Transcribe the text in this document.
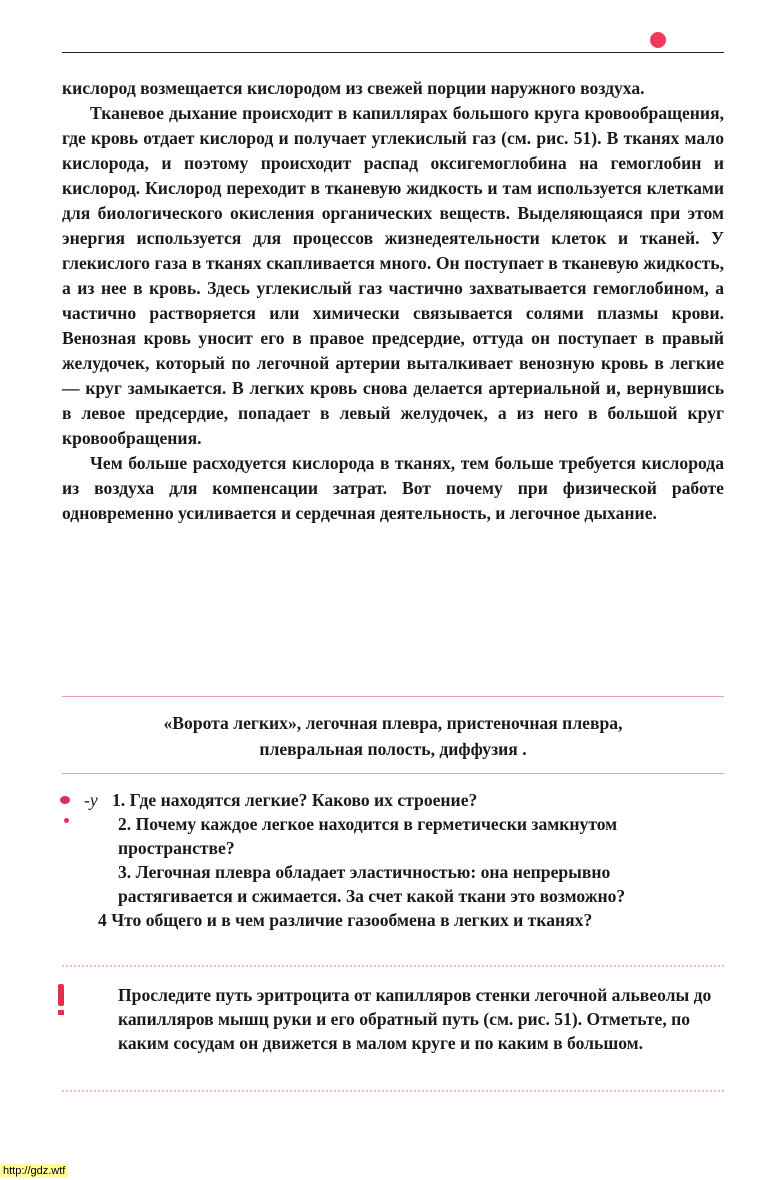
кислород возмещается кислородом из свежей порции наружного воздуха.

Тканевое дыхание происходит в капиллярах большого круга кровообращения, где кровь отдает кислород и получает углекислый газ (см. рис. 51). В тканях мало кислорода, и поэтому происходит распад оксигемоглобина на гемоглобин и кислород. Кислород переходит в тканевую жидкость и там используется клетками для биологического окисления органических веществ. Выделяющаяся при этом энергия используется для процессов жизнедеятельности клеток и тканей. У глекислого газа в тканях скапливается много. Он поступает в тканевую жидкость, а из нее в кровь. Здесь углекислый газ частично захватывается гемоглобином, а частично растворяется или химически связывается солями плазмы крови. Венозная кровь уносит его в правое предсердие, оттуда он поступает в правый желудочек, который по легочной артерии выталкивает венозную кровь в легкие — круг замыкается. В легких кровь снова делается артериальной и, вернувшись в левое предсердие, попадает в левый желудочек, а из него в большой круг кровообращения.

Чем больше расходуется кислорода в тканях, тем больше требуется кислорода из воздуха для компенсации затрат. Вот почему при физической работе одновременно усиливается и сердечная деятельность, и легочное дыхание.

«Ворота легких», легочная плевра, пристеночная плевра,
плевральная полость, диффузия .
-у 1. Где находятся легкие? Каково их строение?
2. Почему каждое легкое находится в герметически замкнутом пространстве?
3. Легочная плевра обладает эластичностью: она непрерывно растягивается и сжимается. За счет какой ткани это возможно?
4 Что общего и в чем различие газообмена в легких и тканях?
Проследите путь эритроцита от капилляров стенки легочной альвеолы до капилляров мышц руки и его обратный путь (см. рис. 51). Отметьте, по каким сосудам он движется в малом круге и по каким в большом.
http://gdz.wtf
